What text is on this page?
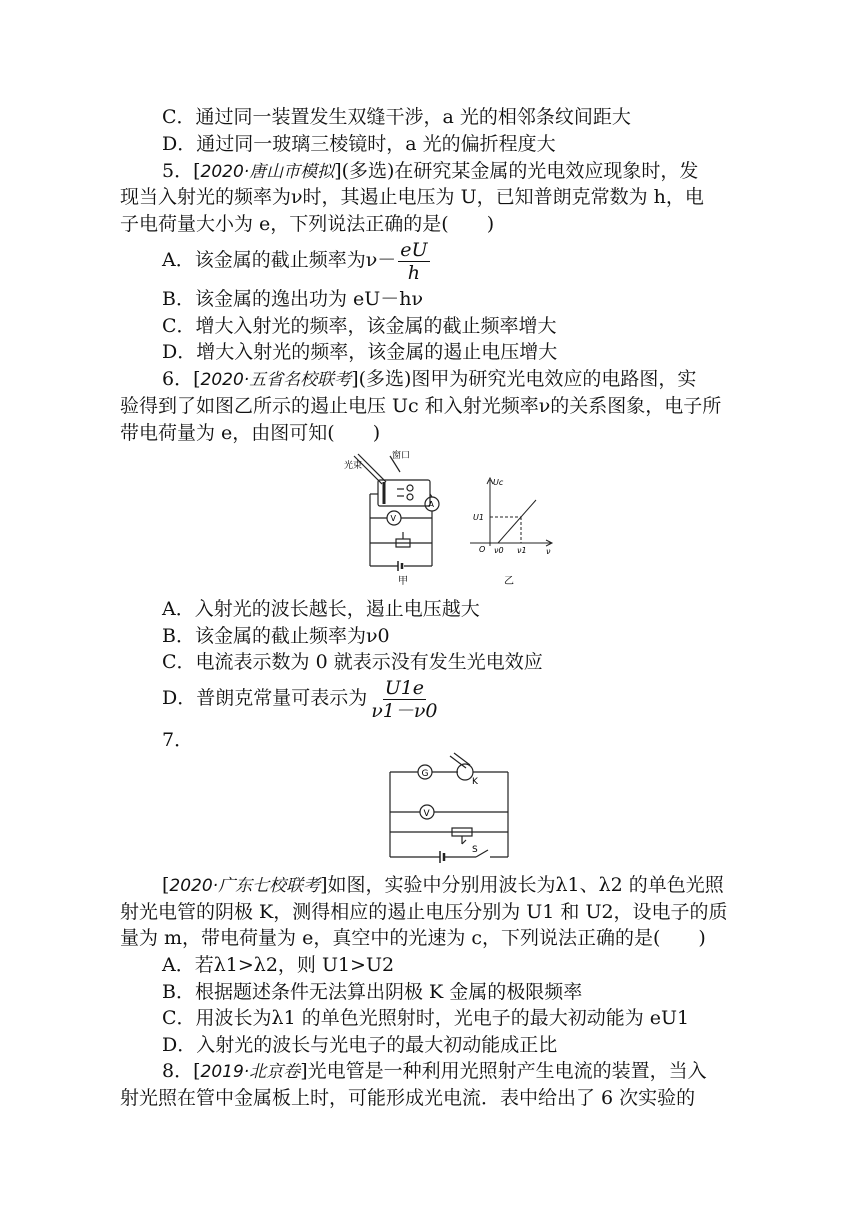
C．通过同一装置发生双缝干涉，a 光的相邻条纹间距大
D．通过同一玻璃三棱镜时，a 光的偏折程度大
5．[2020·唐山市模拟](多选)在研究某金属的光电效应现象时，发
现当入射光的频率为ν时，其遏止电压为 U，已知普朗克常数为 h，电
子电荷量大小为 e，下列说法正确的是(　　)
A．该金属的截止频率为$\nu- \frac{eU}{h}$
B．该金属的逸出功为 eU－hν
C．增大入射光的频率，该金属的截止频率增大
D．增大入射光的频率，该金属的遏止电压增大
6．[2020·五省名校联考](多选)图甲为研究光电效应的电路图，实
验得到了如图乙所示的遏止电压 Uc 和入射光频率ν的关系图象，电子所
带电荷量为 e，由图可知(　　)
光束
窗口
V
A
甲
Uc
ν
O
U1
ν0 ν1
乙
A．入射光的波长越长，遏止电压越大
B．该金属的截止频率为ν0
C．电流表示数为 0 就表示没有发生光电效应
D．普朗克常量可表示为 $\frac{U1e}{\nu 1-\nu 0}$
7．
G
K
V
S
[2020·广东七校联考]如图，实验中分别用波长为λ1、λ2 的单色光照
射光电管的阴极 K，测得相应的遏止电压分别为 U1 和 U2，设电子的质
量为 m，带电荷量为 e，真空中的光速为 c，下列说法正确的是(　　)
A．若λ1>λ2，则 U1>U2
B．根据题述条件无法算出阴极 K 金属的极限频率
C．用波长为λ1 的单色光照射时，光电子的最大初动能为 eU1
D．入射光的波长与光电子的最大初动能成正比
8．[2019·北京卷]光电管是一种利用光照射产生电流的装置，当入
射光照在管中金属板上时，可能形成光电流．表中给出了 6 次实验的
